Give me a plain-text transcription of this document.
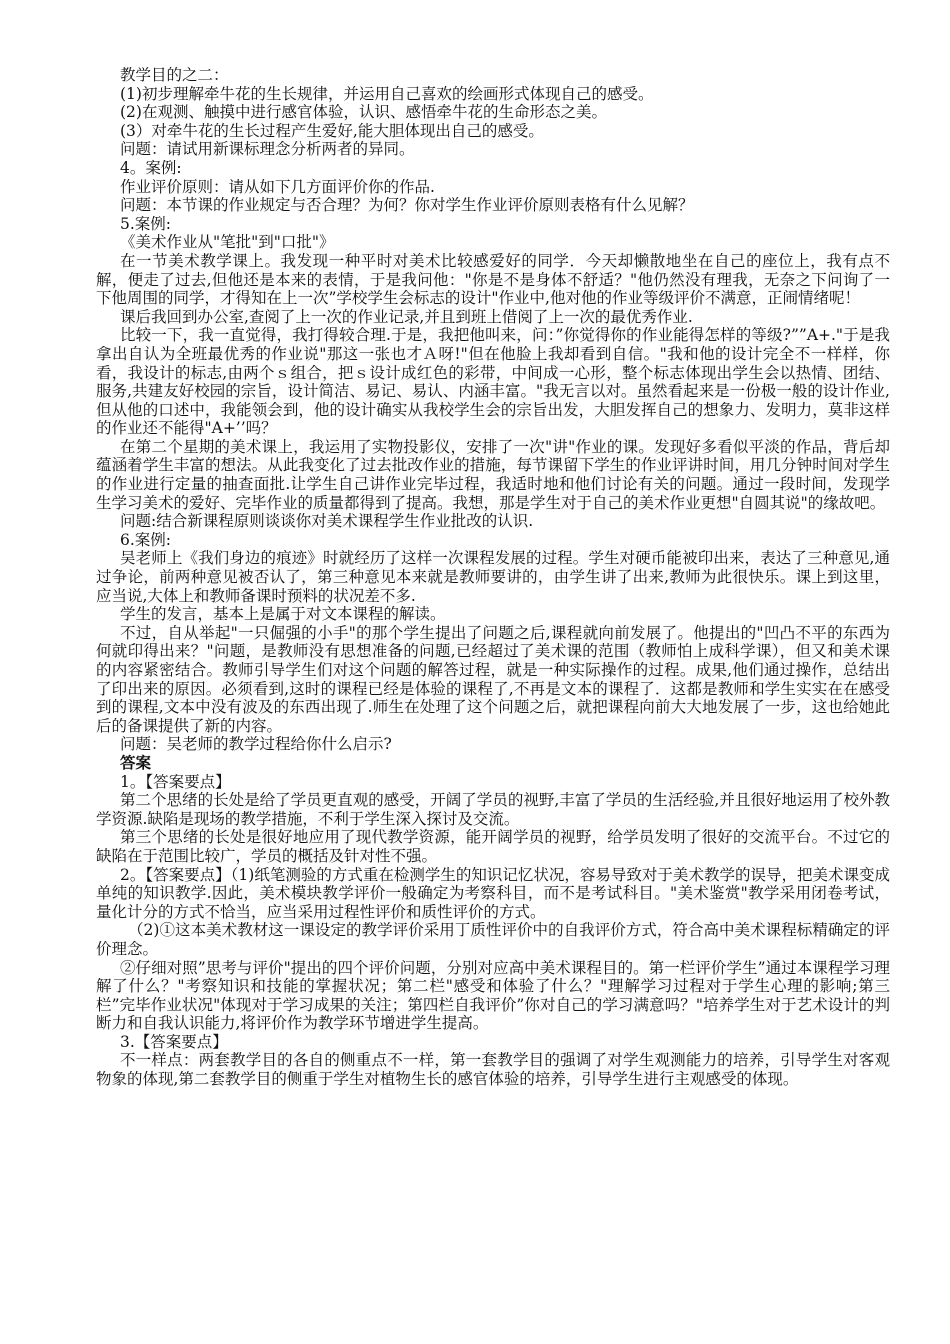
教学目的之二：

(1)初步理解牵牛花的生长规律，并运用自己喜欢的绘画形式体现自己的感受。

(2)在观测、触摸中进行感官体验，认识、感悟牵牛花的生命形态之美。

(3）对牵牛花的生长过程产生爱好,能大胆体现出自己的感受。

问题：请试用新课标理念分析两者的异同。

4。案例:

作业评价原则：请从如下几方面评价你的作品.

问题：本节课的作业规定与否合理？为何？你对学生作业评价原则表格有什么见解？

5.案例:

《美术作业从"笔批"到"口批"》

在一节美术教学课上。我发现一种平时对美术比较感爱好的同学．今天却懒散地坐在自己的座位上，我有点不解，便走了过去,但他还是本来的表情，于是我问他："你是不是身体不舒适？"他仍然没有理我，无奈之下问询了一下他周围的同学，才得知在上一次”学校学生会标志的设计"作业中,他对他的作业等级评价不满意，正闹情绪呢！

课后我回到办公室,查阅了上一次的作业记录,并且到班上借阅了上一次的最优秀作业.

比较一下，我一直觉得，我打得较合理.于是，我把他叫来，问：”你觉得你的作业能得怎样的等级?””A+."于是我拿出自认为全班最优秀的作业说"那这一张也才Ａ呀!"但在他脸上我却看到自信。"我和他的设计完全不一样样，你看，我设计的标志,由两个ｓ组合，把ｓ设计成红色的彩带，中间成一心形，整个标志体现出学生会以热情、团结、服务,共建友好校园的宗旨，设计简洁、易记、易认、内涵丰富。"我无言以对。虽然看起来是一份极一般的设计作业,但从他的口述中，我能领会到，他的设计确实从我校学生会的宗旨出发，大胆发挥自己的想象力、发明力，莫非这样的作业还不能得"A+’’吗？

在第二个星期的美术课上，我运用了实物投影仪，安排了一次"讲"作业的课。发现好多看似平淡的作品，背后却蕴涵着学生丰富的想法。从此我变化了过去批改作业的措施，每节课留下学生的作业评讲时间，用几分钟时间对学生的作业进行定量的抽查面批.让学生自己讲作业完毕过程，我适时地和他们讨论有关的问题。通过一段时间，发现学生学习美术的爱好、完毕作业的质量都得到了提高。我想，那是学生对于自己的美术作业更想"自圆其说"的缘故吧。

问题:结合新课程原则谈谈你对美术课程学生作业批改的认识.

6.案例:

吴老师上《我们身边的痕迹》时就经历了这样一次课程发展的过程。学生对硬币能被印出来，表达了三种意见,通过争论，前两种意见被否认了，第三种意见本来就是教师要讲的，由学生讲了出来,教师为此很快乐。课上到这里，应当说,大体上和教师备课时预料的状况差不多.

学生的发言，基本上是属于对文本课程的解读。

不过，自从举起"一只倔强的小手"的那个学生提出了问题之后,课程就向前发展了。他提出的"凹凸不平的东西为何就印得出来？"问题，是教师没有思想准备的问题,已经超过了美术课的范围（教师怕上成科学课），但又和美术课的内容紧密结合。教师引导学生们对这个问题的解答过程，就是一种实际操作的过程。成果,他们通过操作，总结出了印出来的原因。必须看到,这时的课程已经是体验的课程了,不再是文本的课程了．这都是教师和学生实实在在感受到的课程,文本中没有波及的东西出现了.师生在处理了这个问题之后，就把课程向前大大地发展了一步，这也给她此后的备课提供了新的内容。

问题：吴老师的教学过程给你什么启示?

答案

1。【答案要点】

第二个思绪的长处是给了学员更直观的感受，开阔了学员的视野,丰富了学员的生活经验,并且很好地运用了校外教学资源.缺陷是现场的教学措施，不利于学生深入探讨及交流。

第三个思绪的长处是很好地应用了现代教学资源，能开阔学员的视野，给学员发明了很好的交流平台。不过它的缺陷在于范围比较广，学员的概括及针对性不强。

2。【答案要点】（1)纸笔测验的方式重在检测学生的知识记忆状况，容易导致对于美术教学的误导，把美术课变成单纯的知识教学.因此，美术模块教学评价一般确定为考察科目，而不是考试科目。"美术鉴赏"教学采用闭卷考试，量化计分的方式不恰当，应当采用过程性评价和质性评价的方式。

（2)①这本美术教材这一课设定的教学评价采用丁质性评价中的自我评价方式，符合高中美术课程标精确定的评价理念。

②仔细对照”思考与评价"提出的四个评价问题，分别对应高中美术课程目的。第一栏评价学生”通过本课程学习理解了什么？"考察知识和技能的掌握状况；第二栏"感受和体验了什么？"理解学习过程对于学生心理的影响;第三栏”完毕作业状况"体现对于学习成果的关注；第四栏自我评价”你对自己的学习满意吗？"培养学生对于艺术设计的判断力和自我认识能力,将评价作为教学环节增进学生提高。

3.【答案要点】

不一样点：两套教学目的各自的侧重点不一样，第一套教学目的强调了对学生观测能力的培养，引导学生对客观物象的体现,第二套教学目的侧重于学生对植物生长的感官体验的培养，引导学生进行主观感受的体现。
